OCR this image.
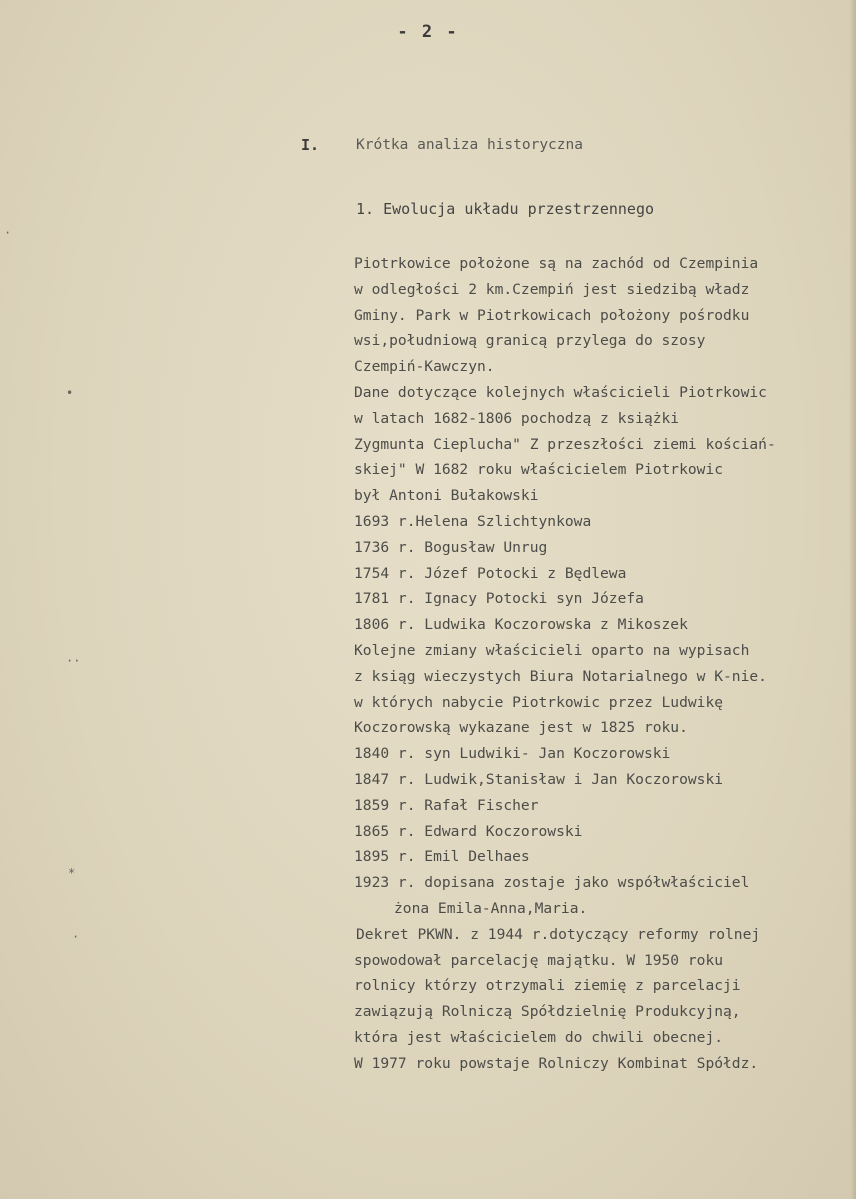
·
•
··
*
·
- 2 -
I.	Krótka analiza historyczna
1. Ewolucja układu przestrzennego
Piotrkowice położone są na zachód od Czempinia
w odległości 2 km.Czempiń jest siedzibą władz
Gminy. Park w Piotrkowicach położony pośrodku
wsi,południową granicą przylega do szosy
Czempiń-Kawczyn.
Dane dotyczące kolejnych właścicieli Piotrkowic
w latach 1682-1806 pochodzą z książki
Zygmunta Cieplucha" Z przeszłości ziemi kościań-
skiej" W 1682 roku właścicielem Piotrkowic
był Antoni Bułakowski
1693 r.Helena Szlichtynkowa
1736 r. Bogusław Unrug
1754 r. Józef Potocki z Będlewa
1781 r. Ignacy Potocki syn Józefa
1806 r. Ludwika Koczorowska z Mikoszek
Kolejne zmiany właścicieli oparto na wypisach
z ksiąg wieczystych Biura Notarialnego w K-nie.
w których nabycie Piotrkowic przez Ludwikę
Koczorowską wykazane jest w 1825 roku.
1840 r. syn Ludwiki- Jan Koczorowski
1847 r. Ludwik,Stanisław i Jan Koczorowski
1859 r. Rafał Fischer
1865 r. Edward Koczorowski
1895 r. Emil Delhaes
1923 r. dopisana zostaje jako współwłaściciel
żona Emila-Anna,Maria.
Dekret PKWN. z 1944 r.dotyczący reformy rolnej
spowodował parcelację majątku. W 1950 roku
rolnicy którzy otrzymali ziemię z parcelacji
zawiązują Rolniczą Spółdzielnię Produkcyjną,
która jest właścicielem do chwili obecnej.
W 1977 roku powstaje Rolniczy Kombinat Spółdz.
